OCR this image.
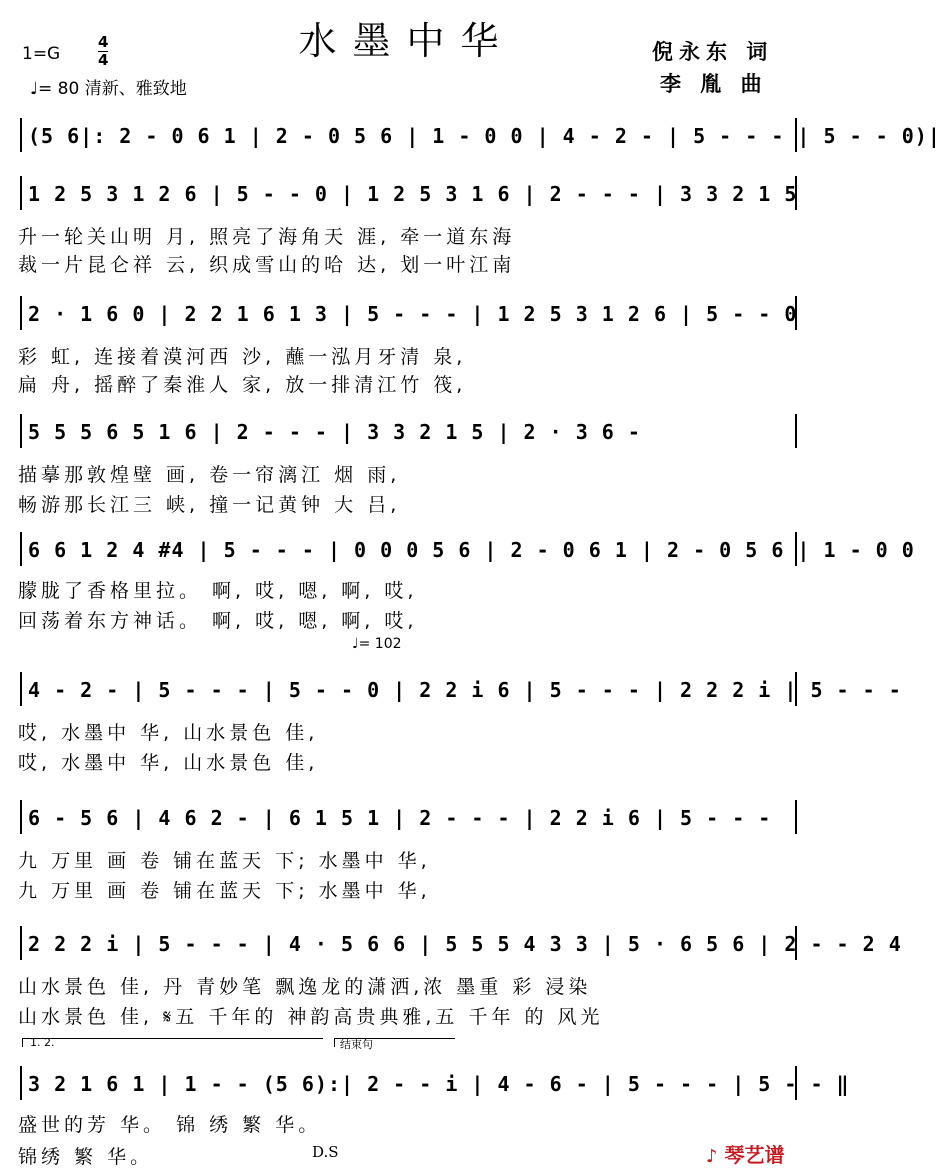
水墨中华
1=G
4
4
♩= 80 清新、雅致地
倪永东 词
李 胤 曲
(5 6|: 2 - 0 6 1 | 2 - 0 5 6 | 1 - 0 0 | 4 - 2 - | 5 - - - | 5 - - 0)|
1 2 5 3 1 2 6 | 5 - - 0 | 1 2 5 3 1 6 | 2 - - - | 3 3 2 1 5
升一轮关山明 月, 照亮了海角天 涯, 牵一道东海
裁一片昆仑祥 云, 织成雪山的哈 达, 划一叶江南
2 · 1 6 0 | 2 2 1 6 1 3 | 5 - - - | 1 2 5 3 1 2 6 | 5 - - 0
彩 虹, 连接着漠河西 沙, 蘸一泓月牙清 泉,
扁 舟, 摇醉了秦淮人 家, 放一排清江竹 筏,
5 5 5 6 5 1 6 | 2 - - - | 3 3 2 1 5 | 2 · 3 6 -
描摹那敦煌壁 画, 卷一帘漓江 烟 雨,
畅游那长江三 峡, 撞一记黄钟 大 吕,
6 6 1 2 4 #4 | 5 - - - | 0 0 0 5 6 | 2 - 0 6 1 | 2 - 0 5 6 | 1 - 0 0
朦胧了香格里拉。 啊, 哎, 嗯, 啊, 哎,
回荡着东方神话。 啊, 哎, 嗯, 啊, 哎,
♩= 102
4 - 2 - | 5 - - - | 5 - - 0 | 2 2 i 6 | 5 - - - | 2 2 2 i | 5 - - -
哎, 水墨中 华, 山水景色 佳,
哎, 水墨中 华, 山水景色 佳,
6 - 5 6 | 4 6 2 - | 6 1 5 1 | 2 - - - | 2 2 i 6 | 5 - - -
九 万里 画 卷 铺在蓝天 下; 水墨中 华,
九 万里 画 卷 铺在蓝天 下; 水墨中 华,
2 2 2 i | 5 - - - | 4 · 5 6 6 | 5 5 5 4 3 3 | 5 · 6 5 6 | 2 - - 2 4
山水景色 佳, 丹 青妙笔 飘逸龙的潇洒,浓 墨重 彩 浸染
山水景色 佳, 𝄋五 千年的 神韵高贵典雅,五 千年 的 风光
1. 2.	结束句
3 2 1 6 1 | 1 - - (5 6):| 2 - - i | 4 - 6 - | 5 - - - | 5 - - ‖
盛世的芳 华。 锦 绣 繁 华。
锦绣 繁 华。	D.S	♪ 琴艺谱
